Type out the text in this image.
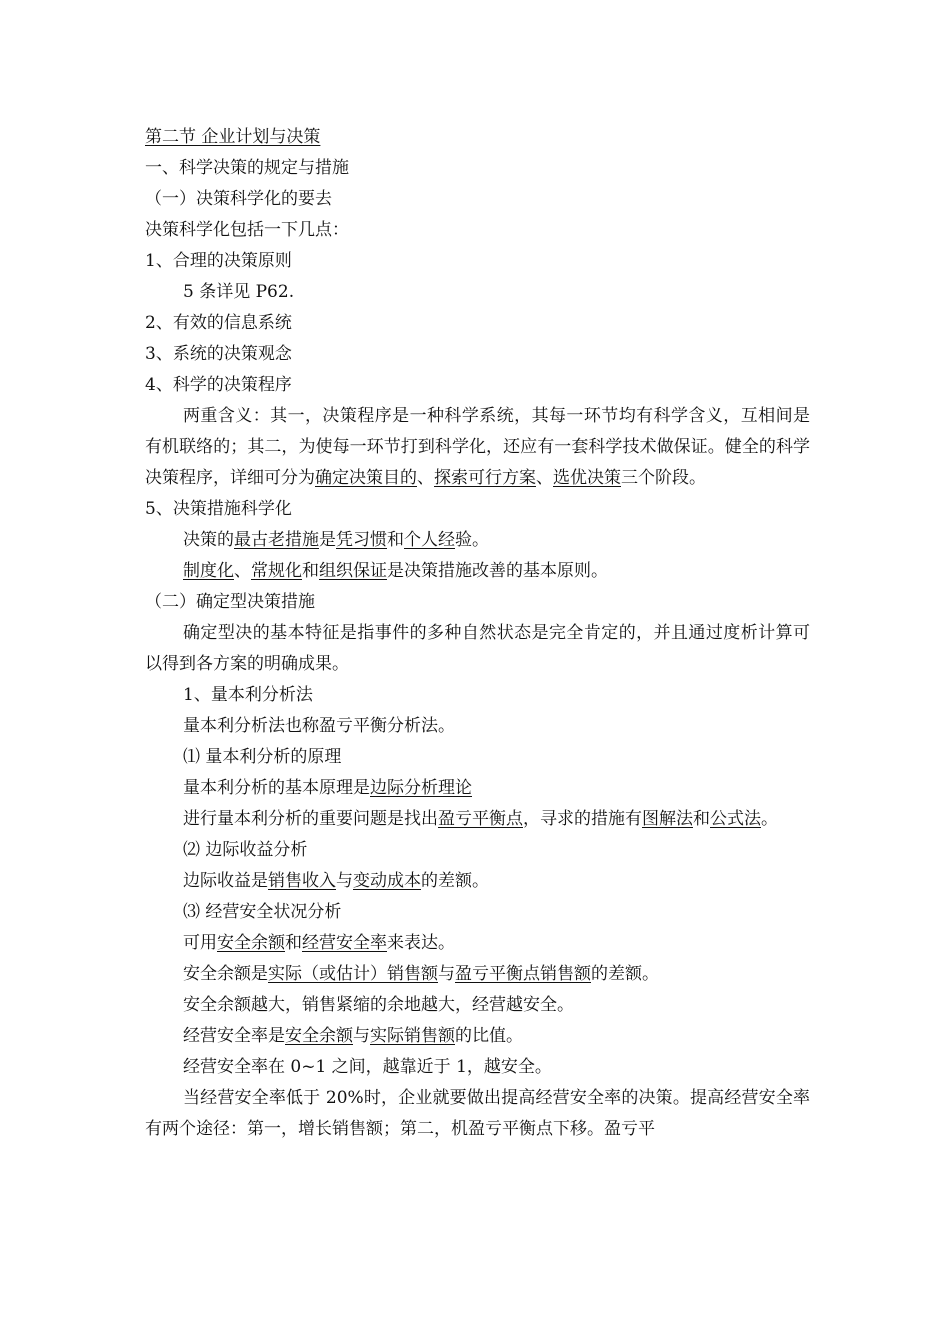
第二节 企业计划与决策
一、科学决策的规定与措施
（一）决策科学化的要去
决策科学化包括一下几点：
1、合理的决策原则
5 条详见 P62.
2、有效的信息系统
3、系统的决策观念
4、科学的决策程序
两重含义：其一，决策程序是一种科学系统，其每一环节均有科学含义，互相间是有机联络的；其二，为使每一环节打到科学化，还应有一套科学技术做保证。健全的科学决策程序，详细可分为确定决策目的、探索可行方案、选优决策三个阶段。
5、决策措施科学化
决策的最古老措施是凭习惯和个人经验。
制度化、常规化和组织保证是决策措施改善的基本原则。
（二）确定型决策措施
确定型决的基本特征是指事件的多种自然状态是完全肯定的，并且通过度析计算可以得到各方案的明确成果。
1、量本利分析法
量本利分析法也称盈亏平衡分析法。
⑴ 量本利分析的原理
量本利分析的基本原理是边际分析理论
进行量本利分析的重要问题是找出盈亏平衡点，寻求的措施有图解法和公式法。
⑵ 边际收益分析
边际收益是销售收入与变动成本的差额。
⑶ 经营安全状况分析
可用安全余额和经营安全率来表达。
安全余额是实际（或估计）销售额与盈亏平衡点销售额的差额。
安全余额越大，销售紧缩的余地越大，经营越安全。
经营安全率是安全余额与实际销售额的比值。
经营安全率在 0~1 之间，越靠近于 1，越安全。
当经营安全率低于 20%时，企业就要做出提高经营安全率的决策。提高经营安全率有两个途径：第一，增长销售额；第二，机盈亏平衡点下移。盈亏平
